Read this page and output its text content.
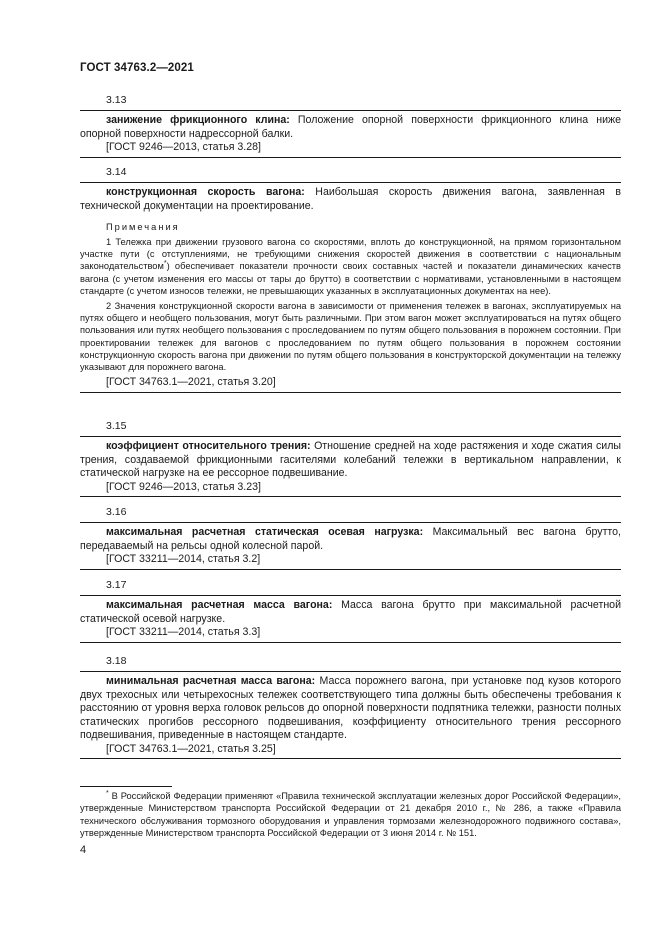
ГОСТ 34763.2—2021
3.13

занижение фрикционного клина: Положение опорной поверхности фрикционного клина ниже опорной поверхности надрессорной балки.

[ГОСТ 9246—2013, статья 3.28]
3.14

конструкционная скорость вагона: Наибольшая скорость движения вагона, заявленная в технической документации на проектирование.

Примечания

1 Тележка при движении грузового вагона со скоростями, вплоть до конструкционной, на прямом горизонтальном участке пути (с отступлениями, не требующими снижения скоростей движения в соответствии с национальным законодательством*) обеспечивает показатели прочности своих составных частей и показатели динамических качеств вагона (с учетом изменения его массы от тары до брутто) в соответствии с нормативами, установленными в настоящем стандарте (с учетом износов тележки, не превышающих указанных в эксплуатационных документах на нее).

2 Значения конструкционной скорости вагона в зависимости от применения тележек в вагонах, эксплуатируемых на путях общего и необщего пользования, могут быть различными. При этом вагон может эксплуатироваться на путях общего пользования или путях необщего пользования с проследованием по путям общего пользования в порожнем состоянии. При проектировании тележек для вагонов с проследованием по путям общего пользования в порожнем состоянии конструкционную скорость вагона при движении по путям общего пользования в конструкторской документации на тележку указывают для порожнего вагона.

[ГОСТ 34763.1—2021, статья 3.20]
3.15

коэффициент относительного трения: Отношение средней на ходе растяжения и ходе сжатия силы трения, создаваемой фрикционными гасителями колебаний тележки в вертикальном направлении, к статической нагрузке на ее рессорное подвешивание.

[ГОСТ 9246—2013, статья 3.23]
3.16

максимальная расчетная статическая осевая нагрузка: Максимальный вес вагона брутто, передаваемый на рельсы одной колесной парой.

[ГОСТ 33211—2014, статья 3.2]
3.17

максимальная расчетная масса вагона: Масса вагона брутто при максимальной расчетной статической осевой нагрузке.

[ГОСТ 33211—2014, статья 3.3]
3.18

минимальная расчетная масса вагона: Масса порожнего вагона, при установке под кузов которого двух трехосных или четырехосных тележек соответствующего типа должны быть обеспечены требования к расстоянию от уровня верха головок рельсов до опорной поверхности подпятника тележки, разности полных статических прогибов рессорного подвешивания, коэффициенту относительного трения рессорного подвешивания, приведенные в настоящем стандарте.

[ГОСТ 34763.1—2021, статья 3.25]
* В Российской Федерации применяют «Правила технической эксплуатации железных дорог Российской Федерации», утвержденные Министерством транспорта Российской Федерации от 21 декабря 2010 г., № 286, а также «Правила технического обслуживания тормозного оборудования и управления тормозами железнодорожного подвижного состава», утвержденные Министерством транспорта Российской Федерации от 3 июня 2014 г. № 151.
4
